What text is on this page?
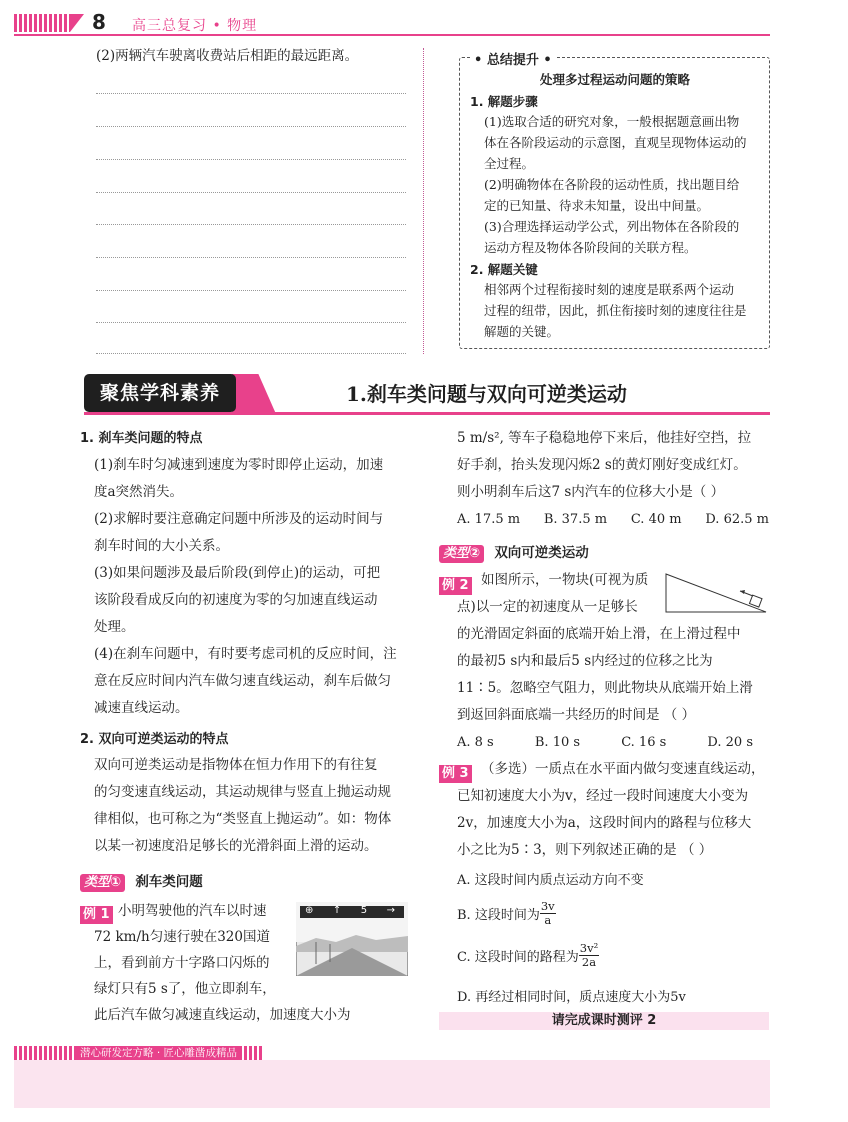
8 高三总复习 • 物理
(2)两辆汽车驶离收费站后相距的最远距离。	• 总结提升 •
处理多过程运动问题的策略
1. 解题步骤
(1)选取合适的研究对象，一般根据题意画出物
体在各阶段运动的示意图，直观呈现物体运动的
全过程。
(2)明确物体在各阶段的运动性质，找出题目给
定的已知量、待求未知量，设出中间量。
(3)合理选择运动学公式，列出物体在各阶段的
运动方程及物体各阶段间的关联方程。
2. 解题关键
相邻两个过程衔接时刻的速度是联系两个运动
过程的纽带，因此，抓住衔接时刻的速度往往是
解题的关键。
聚焦学科素养	1.刹车类问题与双向可逆类运动
1. 刹车类问题的特点
(1)刹车时匀减速到速度为零时即停止运动，加速
度a突然消失。
(2)求解时要注意确定问题中所涉及的运动时间与
刹车时间的大小关系。
(3)如果问题涉及最后阶段(到停止)的运动，可把
该阶段看成反向的初速度为零的匀加速直线运动
处理。
(4)在刹车问题中，有时要考虑司机的反应时间，注
意在反应时间内汽车做匀速直线运动，刹车后做匀
减速直线运动。
2. 双向可逆类运动的特点
双向可逆类运动是指物体在恒力作用下的有往复
的匀变速直线运动，其运动规律与竖直上抛运动规
律相似，也可称之为“类竖直上抛运动”。如：物体
以某一初速度沿足够长的光滑斜面上滑的运动。
类型① 刹车类问题
例 1 小明驾驶他的汽车以时速
72 km/h匀速行驶在320国道
上，看到前方十字路口闪烁的
绿灯只有5 s了，他立即刹车，
此后汽车做匀减速直线运动，加速度大小为
⊕ ↑ 5 →
5 m/s², 等车子稳稳地停下来后，他挂好空挡，拉
好手刹，抬头发现闪烁2 s的黄灯刚好变成红灯。
则小明刹车后这7 s内汽车的位移大小是（ ）
A. 17.5 m B. 37.5 m C. 40 m D. 62.5 m
类型② 双向可逆类运动
例 2 如图所示，一物块(可视为质
点)以一定的初速度从一足够长
的光滑固定斜面的底端开始上滑，在上滑过程中
的最初5 s内和最后5 s内经过的位移之比为
11∶5。忽略空气阻力，则此物块从底端开始上滑
到返回斜面底端一共经历的时间是 （ ）
A. 8 s	B. 10 s	C. 16 s	D. 20 s
例 3 （多选）一质点在水平面内做匀变速直线运动，
已知初速度大小为v，经过一段时间速度大小变为
2v，加速度大小为a，这段时间内的路程与位移大
小之比为5∶3，则下列叙述正确的是 （ ）
A. 这段时间内质点运动方向不变
B. 这段时间为 $\frac{3v}{a}$
C. 这段时间的路程为 $\frac{\text{3v²}}{2a}$
D. 再经过相同时间，质点速度大小为5v
请完成课时测评 2
潜心研发定方略 · 匠心雕凿成精品
